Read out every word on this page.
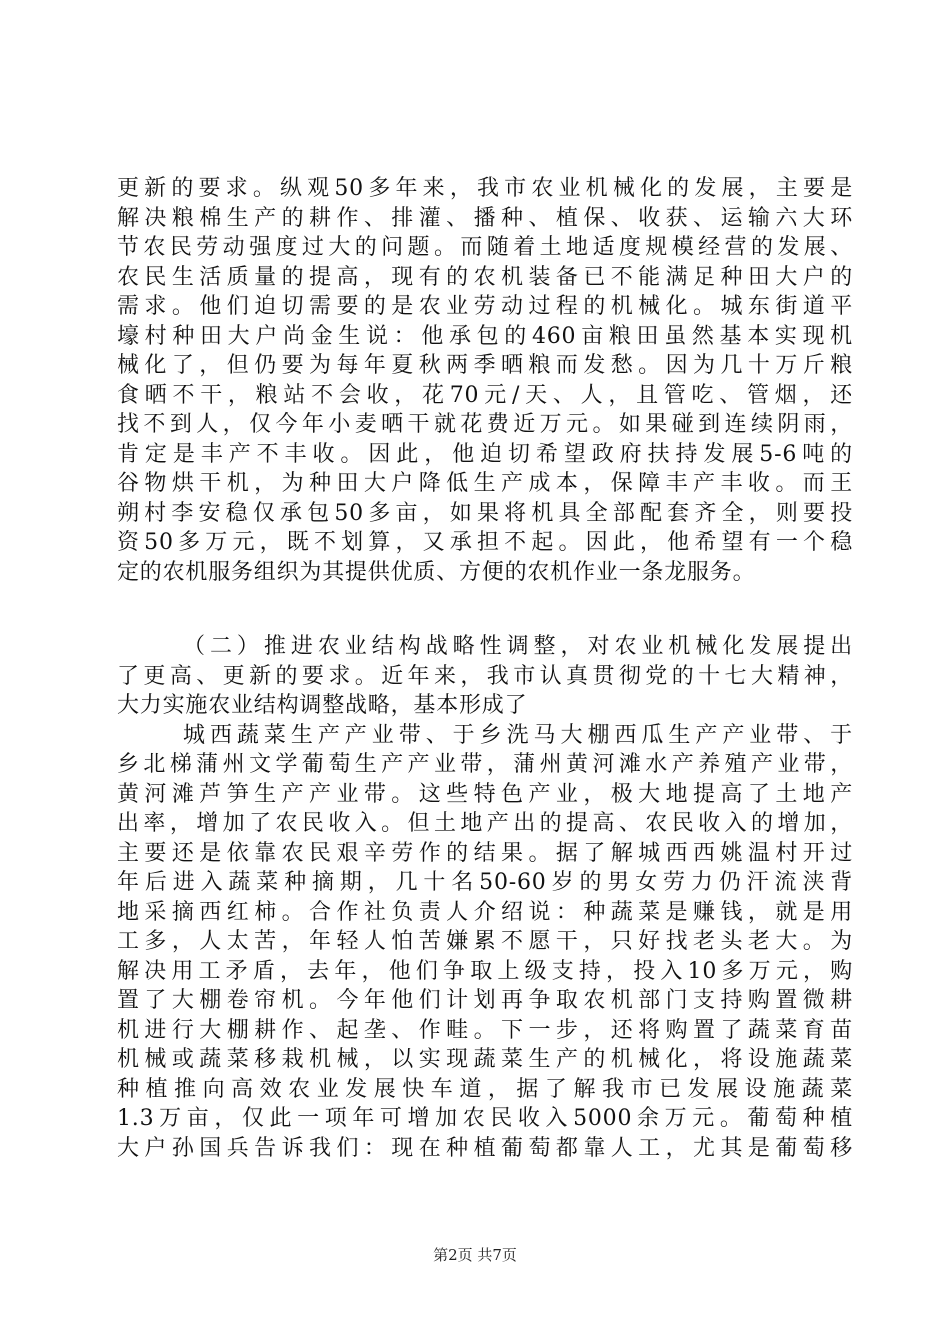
更新的要求。纵观50多年来，我市农业机械化的发展，主要是
解决粮棉生产的耕作、排灌、播种、植保、收获、运输六大环
节农民劳动强度过大的问题。而随着土地适度规模经营的发展、
农民生活质量的提高，现有的农机装备已不能满足种田大户的
需求。他们迫切需要的是农业劳动过程的机械化。城东街道平
壕村种田大户尚金生说：他承包的460亩粮田虽然基本实现机
械化了，但仍要为每年夏秋两季晒粮而发愁。因为几十万斤粮
食晒不干，粮站不会收，花70元/天、人，且管吃、管烟，还
找不到人，仅今年小麦晒干就花费近万元。如果碰到连续阴雨，
肯定是丰产不丰收。因此，他迫切希望政府扶持发展5-6吨的
谷物烘干机，为种田大户降低生产成本，保障丰产丰收。而王
朔村李安稳仅承包50多亩，如果将机具全部配套齐全，则要投
资50多万元，既不划算，又承担不起。因此，他希望有一个稳
定的农机服务组织为其提供优质、方便的农机作业一条龙服务。
（二）推进农业结构战略性调整，对农业机械化发展提出
了更高、更新的要求。近年来，我市认真贯彻党的十七大精神，
大力实施农业结构调整战略，基本形成了
城西蔬菜生产产业带、于乡洗马大棚西瓜生产产业带、于
乡北梯蒲州文学葡萄生产产业带，蒲州黄河滩水产养殖产业带，
黄河滩芦笋生产产业带。这些特色产业，极大地提高了土地产
出率，增加了农民收入。但土地产出的提高、农民收入的增加，
主要还是依靠农民艰辛劳作的结果。据了解城西西姚温村开过
年后进入蔬菜种摘期，几十名50-60岁的男女劳力仍汗流浃背
地采摘西红柿。合作社负责人介绍说：种蔬菜是赚钱，就是用
工多，人太苦，年轻人怕苦嫌累不愿干，只好找老头老大。为
解决用工矛盾，去年，他们争取上级支持，投入10多万元，购
置了大棚卷帘机。今年他们计划再争取农机部门支持购置微耕
机进行大棚耕作、起垄、作畦。下一步，还将购置了蔬菜育苗
机械或蔬菜移栽机械，以实现蔬菜生产的机械化，将设施蔬菜
种植推向高效农业发展快车道，据了解我市已发展设施蔬菜
1.3万亩，仅此一项年可增加农民收入5000余万元。葡萄种植
大户孙国兵告诉我们：现在种植葡萄都靠人工，尤其是葡萄移
第2页 共7页
